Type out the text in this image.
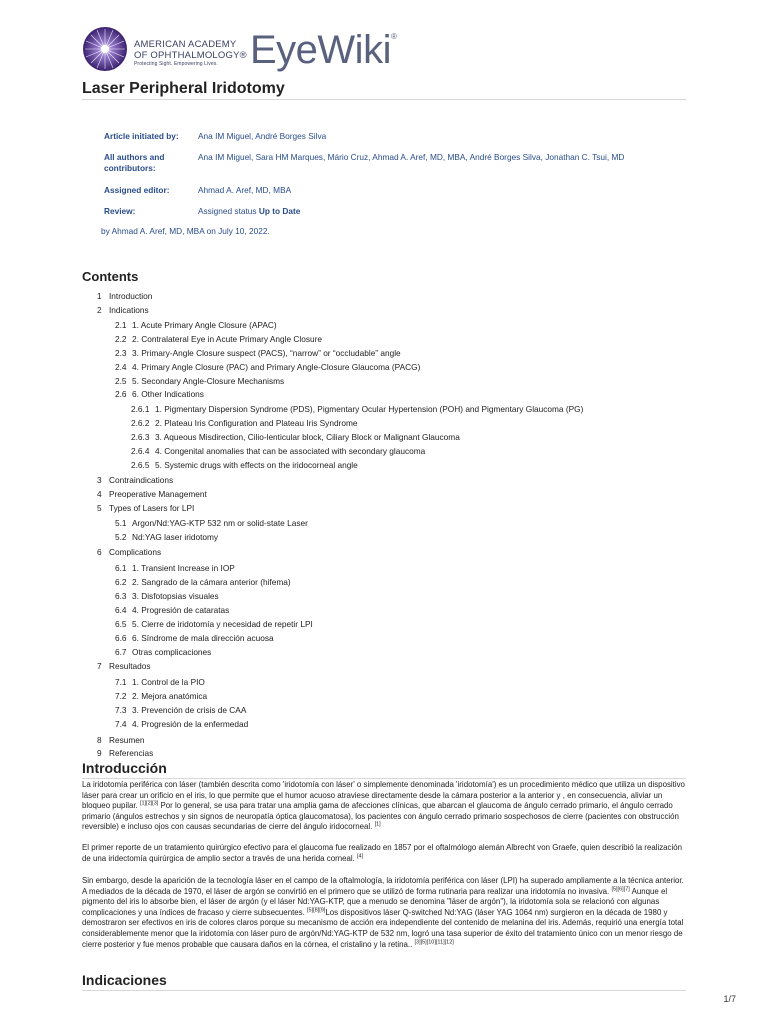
AMERICAN ACADEMY
OF OPHTHALMOLOGY®
Protecting Sight. Empowering Lives. EyeWiki®
Laser Peripheral Iridotomy
Article initiated by:	Ana IM Miguel, André Borges Silva
All authors and contributors:
Ana IM Miguel, Sara HM Marques, Mário Cruz, Ahmad A. Aref, MD, MBA, André Borges Silva, Jonathan C. Tsui, MD
Assigned editor:	Ahmad A. Aref, MD, MBA
Review:	Assigned status Up to Date
by Ahmad A. Aref, MD, MBA on July 10, 2022.
Contents
1 Introduction
2 Indications
2.1 1. Acute Primary Angle Closure (APAC)
2.2 2. Contralateral Eye in Acute Primary Angle Closure
2.3 3. Primary-Angle Closure suspect (PACS), “narrow” or “occludable” angle
2.4 4. Primary Angle Closure (PAC) and Primary Angle-Closure Glaucoma (PACG)
2.5 5. Secondary Angle-Closure Mechanisms
2.6 6. Other Indications
2.6.1 1. Pigmentary Dispersion Syndrome (PDS), Pigmentary Ocular Hypertension (POH) and Pigmentary Glaucoma (PG)
2.6.2 2. Plateau Iris Configuration and Plateau Iris Syndrome
2.6.3 3. Aqueous Misdirection, Cilio-lenticular block, Ciliary Block or Malignant Glaucoma
2.6.4 4. Congenital anomalies that can be associated with secondary glaucoma
2.6.5 5. Systemic drugs with effects on the iridocorneal angle
3 Contraindications
4 Preoperative Management
5 Types of Lasers for LPI
5.1 Argon/Nd:YAG-KTP 532 nm or solid-state Laser
5.2 Nd:YAG laser iridotomy
6 Complications
6.1 1. Transient Increase in IOP
6.2 2. Sangrado de la cámara anterior (hifema)
6.3 3. Disfotopsias visuales
6.4 4. Progresión de cataratas
6.5 5. Cierre de iridotomía y necesidad de repetir LPI
6.6 6. Síndrome de mala dirección acuosa
6.7 Otras complicaciones
7 Resultados
7.1 1. Control de la PIO
7.2 2. Mejora anatómica
7.3 3. Prevención de crisis de CAA
7.4 4. Progresión de la enfermedad
8 Resumen
9 Referencias
Introducción
La iridotomía periférica con láser (también descrita como 'iridotomía con láser' o simplemente denominada 'iridotomía') es un procedimiento médico que utiliza un dispositivo láser para crear un orificio en el iris, lo que permite que el humor acuoso atraviese directamente desde la cámara posterior a la anterior y , en consecuencia, aliviar un bloqueo pupilar. [1][2][3] Por lo general, se usa para tratar una amplia gama de afecciones clínicas, que abarcan el glaucoma de ángulo cerrado primario, el ángulo cerrado primario (ángulos estrechos y sin signos de neuropatía óptica glaucomatosa), los pacientes con ángulo cerrado primario sospechosos de cierre (pacientes con obstrucción reversible) e incluso ojos con causas secundarias de cierre del ángulo iridocorneal. [1]
El primer reporte de un tratamiento quirúrgico efectivo para el glaucoma fue realizado en 1857 por el oftalmólogo alemán Albrecht von Graefe, quien describió la realización de una iridectomía quirúrgica de amplio sector a través de una herida corneal. [4]
Sin embargo, desde la aparición de la tecnología láser en el campo de la oftalmología, la iridotomía periférica con láser (LPI) ha superado ampliamente a la técnica anterior. A mediados de la década de 1970, el láser de argón se convirtió en el primero que se utilizó de forma rutinaria para realizar una iridotomía no invasiva. [5][6][7] Aunque el pigmento del iris lo absorbe bien, el láser de argón (y el láser Nd:YAG-KTP, que a menudo se denomina "láser de argón"), la iridotomía sola se relacionó con algunas complicaciones y una índices de fracaso y cierre subsecuentes. [5][8][9]Los dispositivos láser Q-switched Nd:YAG (láser YAG 1064 nm) surgieron en la década de 1980 y demostraron ser efectivos en iris de colores claros porque su mecanismo de acción era independiente del contenido de melanina del iris. Además, requirió una energía total considerablemente menor que la iridotomía con láser puro de argón/Nd:YAG-KTP de 532 nm, logró una tasa superior de éxito del tratamiento único con un menor riesgo de cierre posterior y fue menos probable que causara daños en la córnea, el cristalino y la retina.. [3][5][10][11][12]
Indicaciones
1/7
